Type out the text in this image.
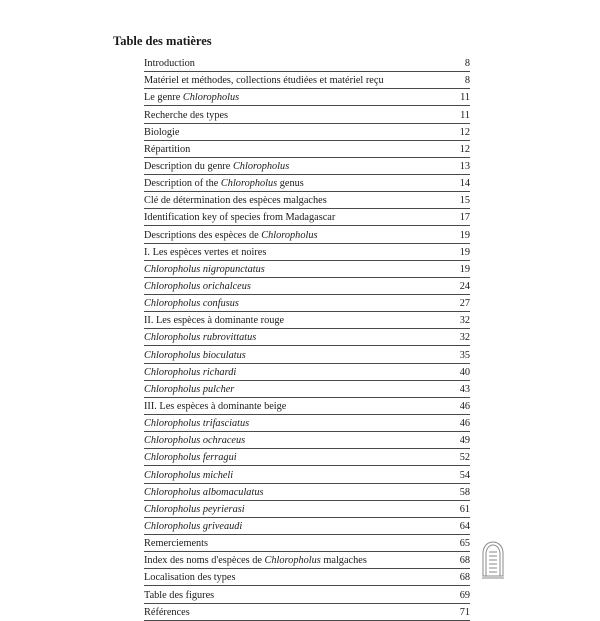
Table des matières
Introduction	8
Matériel et méthodes, collections étudiées et matériel reçu	8
Le genre Chloropholus	11
Recherche des types	11
Biologie	12
Répartition	12
Description du genre Chloropholus	13
Description of the Chloropholus genus	14
Clé de détermination des espèces malgaches	15
Identification key of species from Madagascar	17
Descriptions des espèces de Chloropholus	19
I. Les espèces vertes et noires	19
Chloropholus nigropunctatus	19
Chloropholus orichalceus	24
Chloropholus confusus	27
II. Les espèces à dominante rouge	32
Chloropholus rubrovittatus	32
Chloropholus bioculatus	35
Chloropholus richardi	40
Chloropholus pulcher	43
III. Les espèces à dominante beige	46
Chloropholus trifasciatus	46
Chloropholus ochraceus	49
Chloropholus ferragui	52
Chloropholus micheli	54
Chloropholus albomaculatus	58
Chloropholus peyrierasi	61
Chloropholus griveaudi	64
Remerciements	65
Index des noms d'espèces de Chloropholus malgaches	68
Localisation des types	68
Table des figures	69
Références	71
